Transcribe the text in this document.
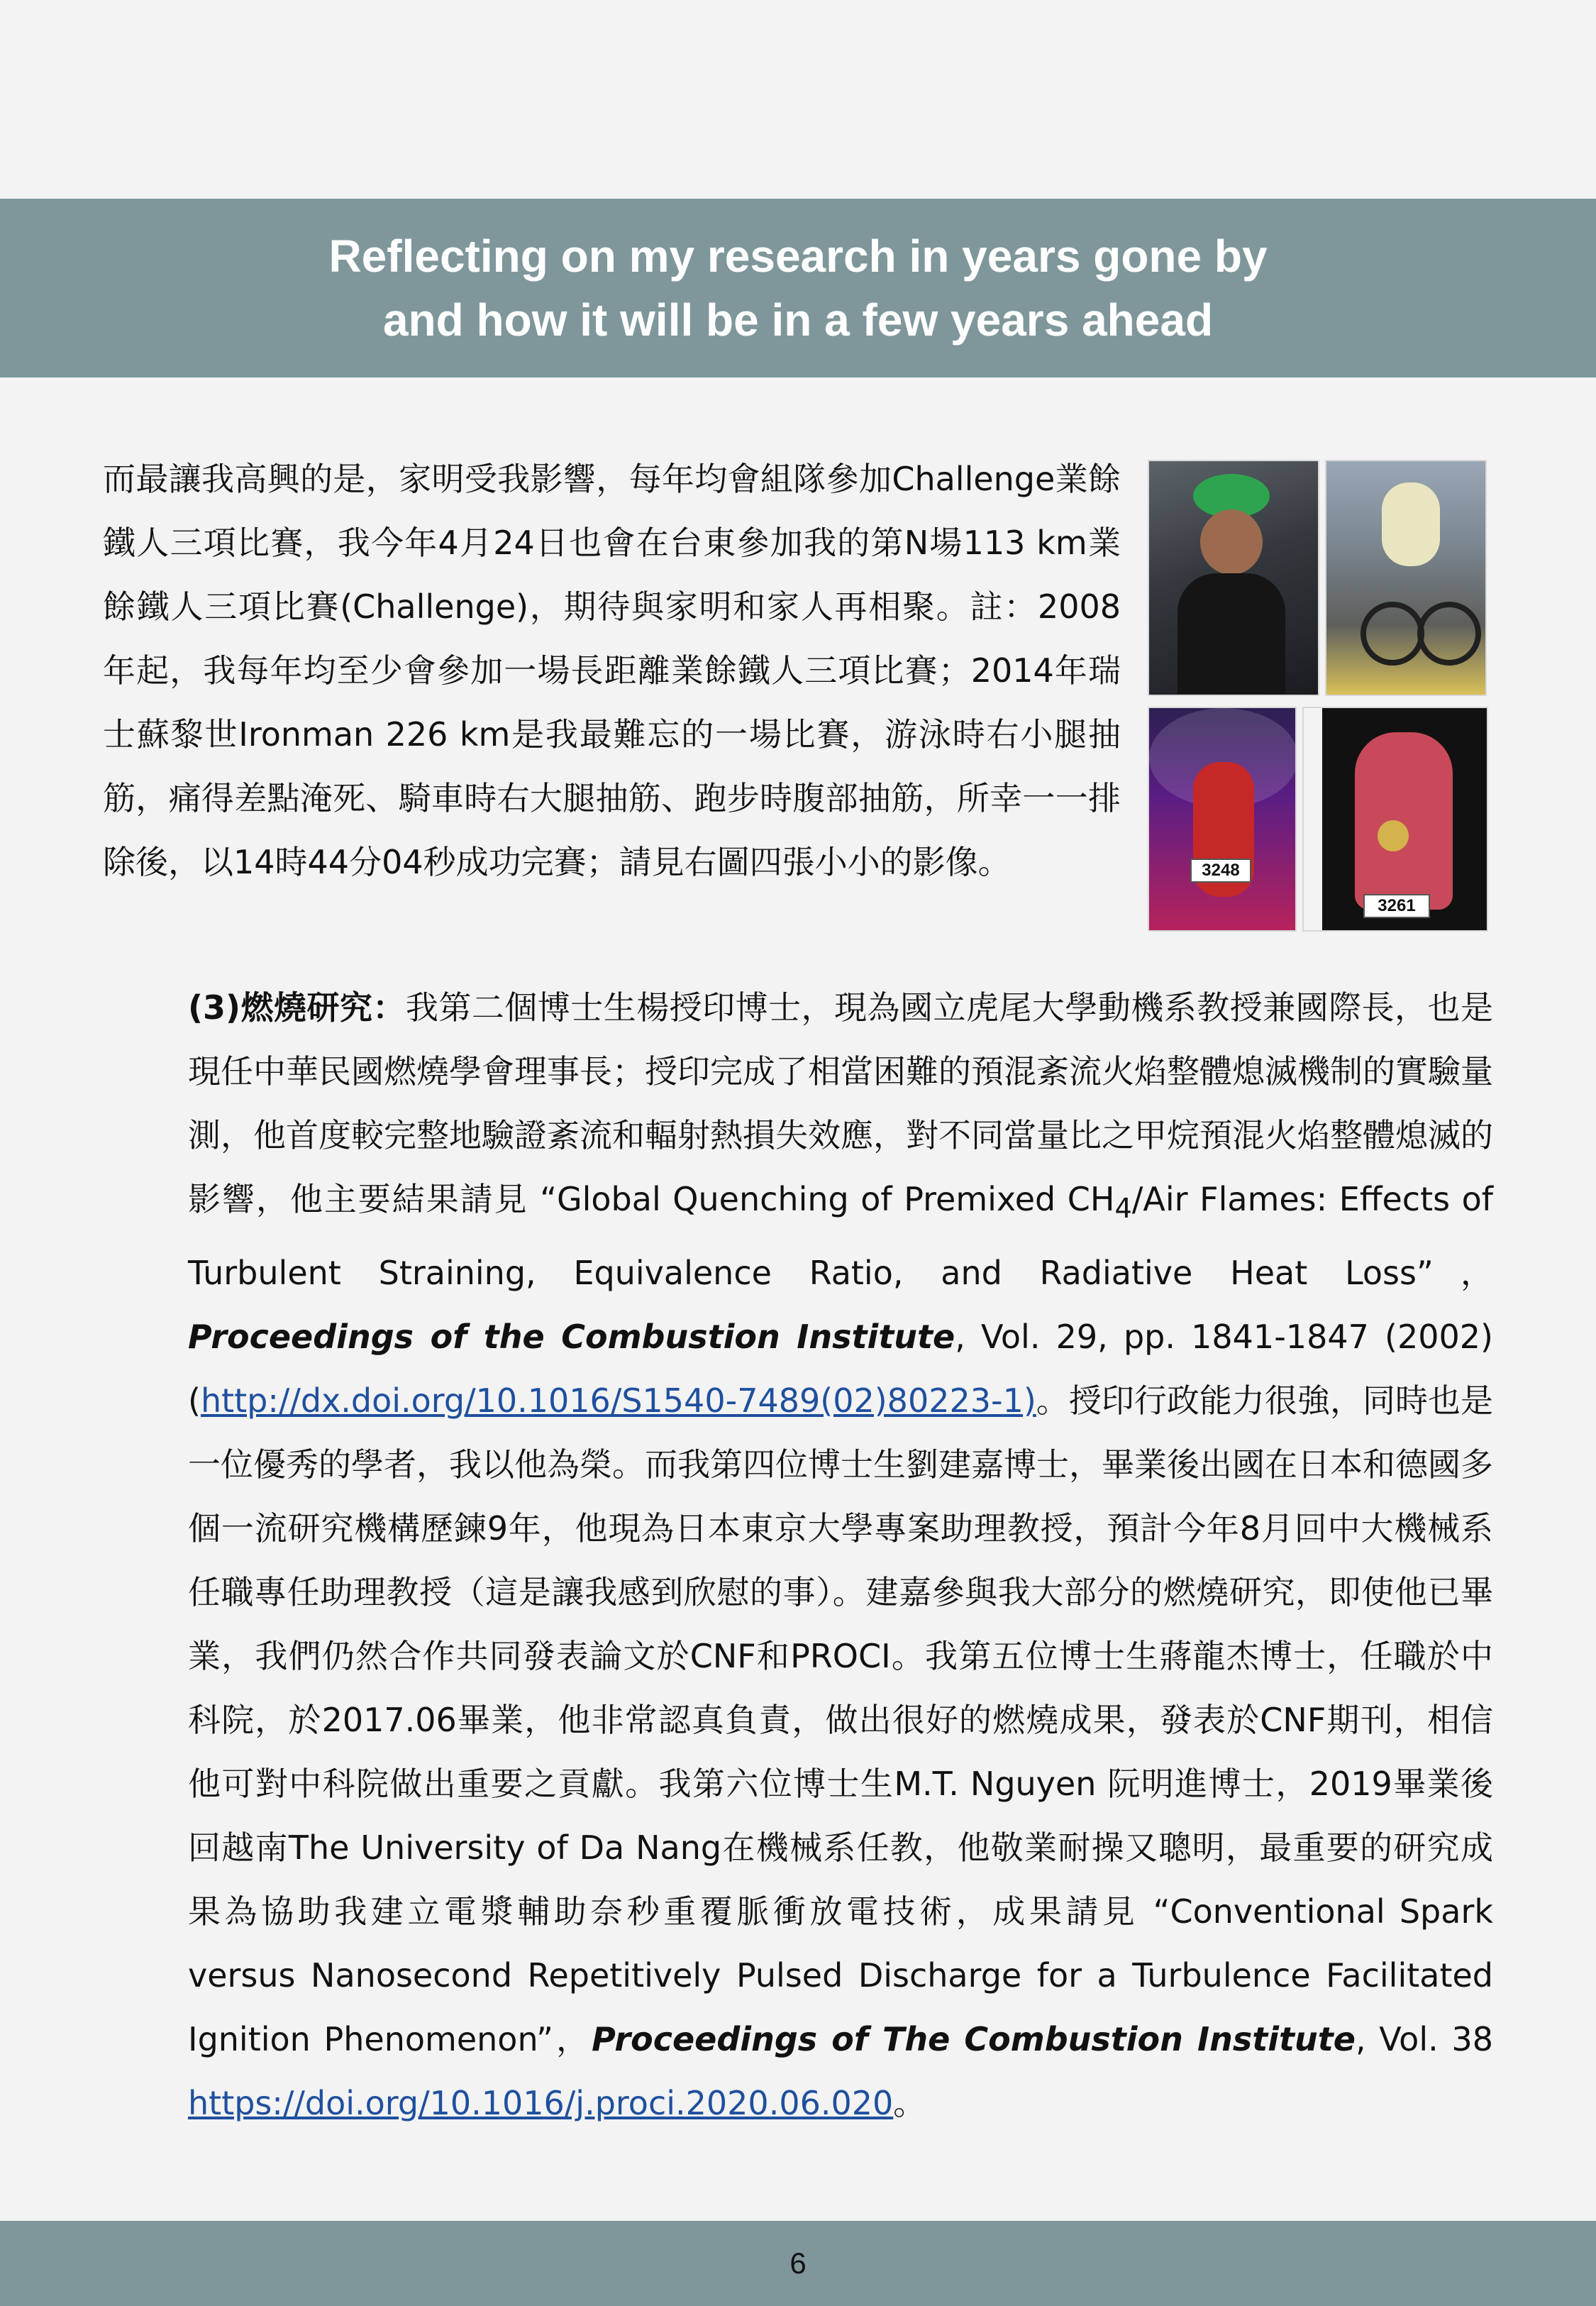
Reflecting on my research in years gone by
and how it will be in a few years ahead

而最讓我高興的是，家明受我影響，每年均會組隊參加Challenge業餘鐵人三項比賽，我今年4月24日也會在台東參加我的第N場113 km業餘鐵人三項比賽(Challenge)，期待與家明和家人再相聚。註：2008年起，我每年均至少會參加一場長距離業餘鐵人三項比賽；2014年瑞士蘇黎世Ironman 226 km是我最難忘的一場比賽，游泳時右小腿抽筋，痛得差點淹死、騎車時右大腿抽筋、跑步時腹部抽筋，所幸一一排除後，以14時44分04秒成功完賽；請見右圖四張小小的影像。	3248
3261

(3)燃燒研究：我第二個博士生楊授印博士，現為國立虎尾大學動機系教授兼國際長，也是現任中華民國燃燒學會理事長；授印完成了相當困難的預混紊流火焰整體熄滅機制的實驗量測，他首度較完整地驗證紊流和輻射熱損失效應，對不同當量比之甲烷預混火焰整體熄滅的影響，他主要結果請見 “Global Quenching of Premixed $CH_4$/Air Flames: Effects of Turbulent Straining, Equivalence Ratio, and Radiative Heat Loss”，Proceedings of the Combustion Institute, Vol. 29, pp. 1841-1847 (2002) (http://dx.doi.org/10.1016/S1540-7489(02)80223-1)。授印行政能力很強，同時也是一位優秀的學者，我以他為榮。而我第四位博士生劉建嘉博士，畢業後出國在日本和德國多個一流研究機構歷鍊9年，他現為日本東京大學專案助理教授，預計今年8月回中大機械系任職專任助理教授（這是讓我感到欣慰的事）。建嘉參與我大部分的燃燒研究，即使他已畢業，我們仍然合作共同發表論文於CNF和PROCI。我第五位博士生蔣龍杰博士，任職於中科院，於2017.06畢業，他非常認真負責，做出很好的燃燒成果，發表於CNF期刊，相信他可對中科院做出重要之貢獻。我第六位博士生M.T. Nguyen 阮明進博士，2019畢業後回越南The University of Da Nang在機械系任教，他敬業耐操又聰明，最重要的研究成果為協助我建立電漿輔助奈秒重覆脈衝放電技術，成果請見 “Conventional Spark versus Nanosecond Repetitively Pulsed Discharge for a Turbulence Facilitated Ignition Phenomenon”，Proceedings of The Combustion Institute, Vol. 38 https://doi.org/10.1016/j.proci.2020.06.020。

6
